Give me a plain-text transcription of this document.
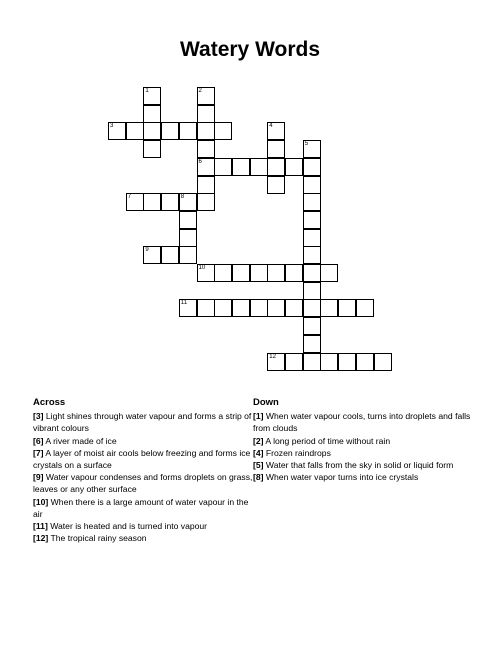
Watery Words
1	2
6
3	4
5
7	8
9
10
11
12
Across

[3] Light shines through water vapour and forms a strip of vibrant colours

[6] A river made of ice

[7] A layer of moist air cools below freezing and forms ice crystals on a surface

[9] Water vapour condenses and forms droplets on grass, leaves or any other surface

[10] When there is a large amount of water vapour in the air

[11] Water is heated and is turned into vapour

[12] The tropical rainy season

Down

[1] When water vapour cools, turns into droplets and falls from clouds

[2] A long period of time without rain

[4] Frozen raindrops

[5] Water that falls from the sky in solid or liquid form

[8] When water vapor turns into ice crystals
